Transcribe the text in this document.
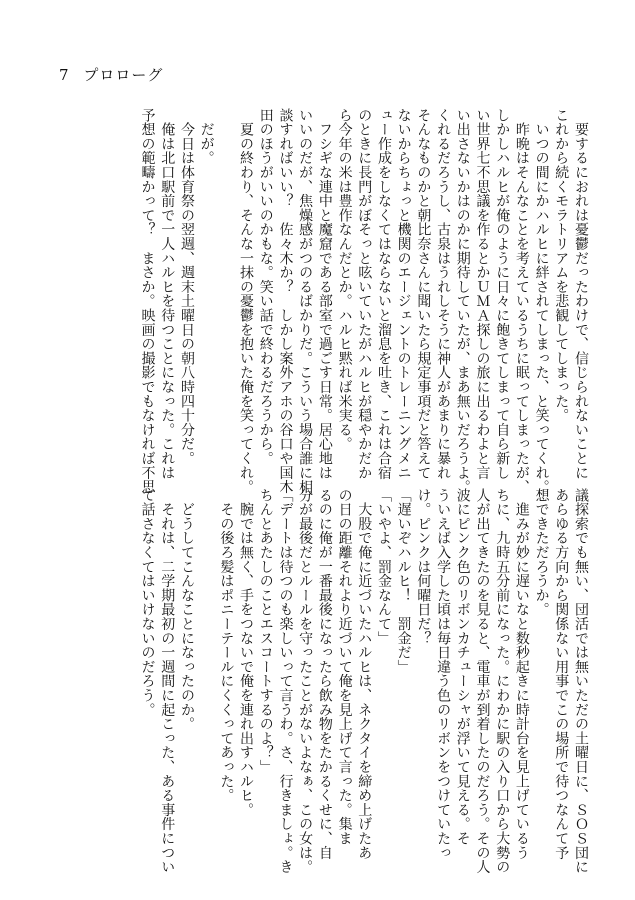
7 プロローグ
　要するにおれは憂鬱だったわけで、信じられないことに
これから続くモラトリアムを悲観してしまった。
　いつの間にかハルヒに絆されてしまった、と笑ってくれ。
　昨晩はそんなことを考えているうちに眠ってしまったが、
しかしハルヒが俺のように日々に飽きてしまって自ら新し
い世界七不思議を作るとかＵＭＡ探しの旅に出るわよと言
い出さないかはのかに期待していたが、まあ無いだろうよ。
くれるだろうし、古泉はうれしそうに神人があまりに暴れ
そんなものかと朝比奈さんに聞いたら規定事項だと答えて
ないからちょっと機関のエージェントのトレーニングメニ
ュー作成をしなくてはならないと溜息を吐き、これは合宿
のときに長門がぼそっと呟いていたがハルヒが穏やかだか
ら今年の米は豊作なんだとか。ハルヒ黙れば米実る。
　フシギな連中と魔窟である部室で過ごす日常。居心地は
いいのだが、焦燥感がつのるばかりだ。こういう場合誰に相
談すればいい？　佐々木か？　しかし案外アホの谷口や国木
田のほうがいいのかもな。笑い話で終わるだろうから。
　夏の終わり、そんな一抹の憂鬱を抱いた俺を笑ってくれ。

　だが。
　今日は体育祭の翌週、週末土曜日の朝八時四十分だ。
　俺は北口駅前で一人ハルヒを待つことになった。これは
予想の範疇かって？　まさか。映画の撮影でもなければ不思
議探索でも無い、団活では無いただの土曜日に、ＳＯＳ団に
あらゆる方向から関係ない用事でこの場所で待つなんて予
想できただろうか。
　進みが妙に遅いなと数秒起きに時計台を見上げているう
ちに、九時五分前になった。にわかに駅の入り口から大勢の
人が出てきたのを見ると、電車が到着したのだろう。その人
波にピンク色のリボンカチューシャが浮いて見える。そ
ういえば入学した頃は毎日違う色のリボンをつけていたっ
け。ピンクは何曜日だ？
「遅いぞハルヒ！　罰金だ」
「いやよ、罰金なんて」
　大股で俺に近づいたハルヒは、ネクタイを締め上げたあ
の日の距離それより近づいて俺を見上げて言った。集ま
るのに俺が一番最後になったら飲み物をたかるくせに、自
分が最後だとルールを守ったことがないよなぁ、この女は。
「デートは待つのも楽しいって言うわ。さ、行きましょ。き
ちんとあたしのことエスコートするのよ？」
　腕では無く、手をつないで俺を連れ出すハルヒ。
　その後ろ髪はポニーテールにくくってあった。

　どうしてこんなことになったのか。
　それは、二学期最初の一週間に起こった、ある事件につい
て話さなくてはいけないのだろう。
